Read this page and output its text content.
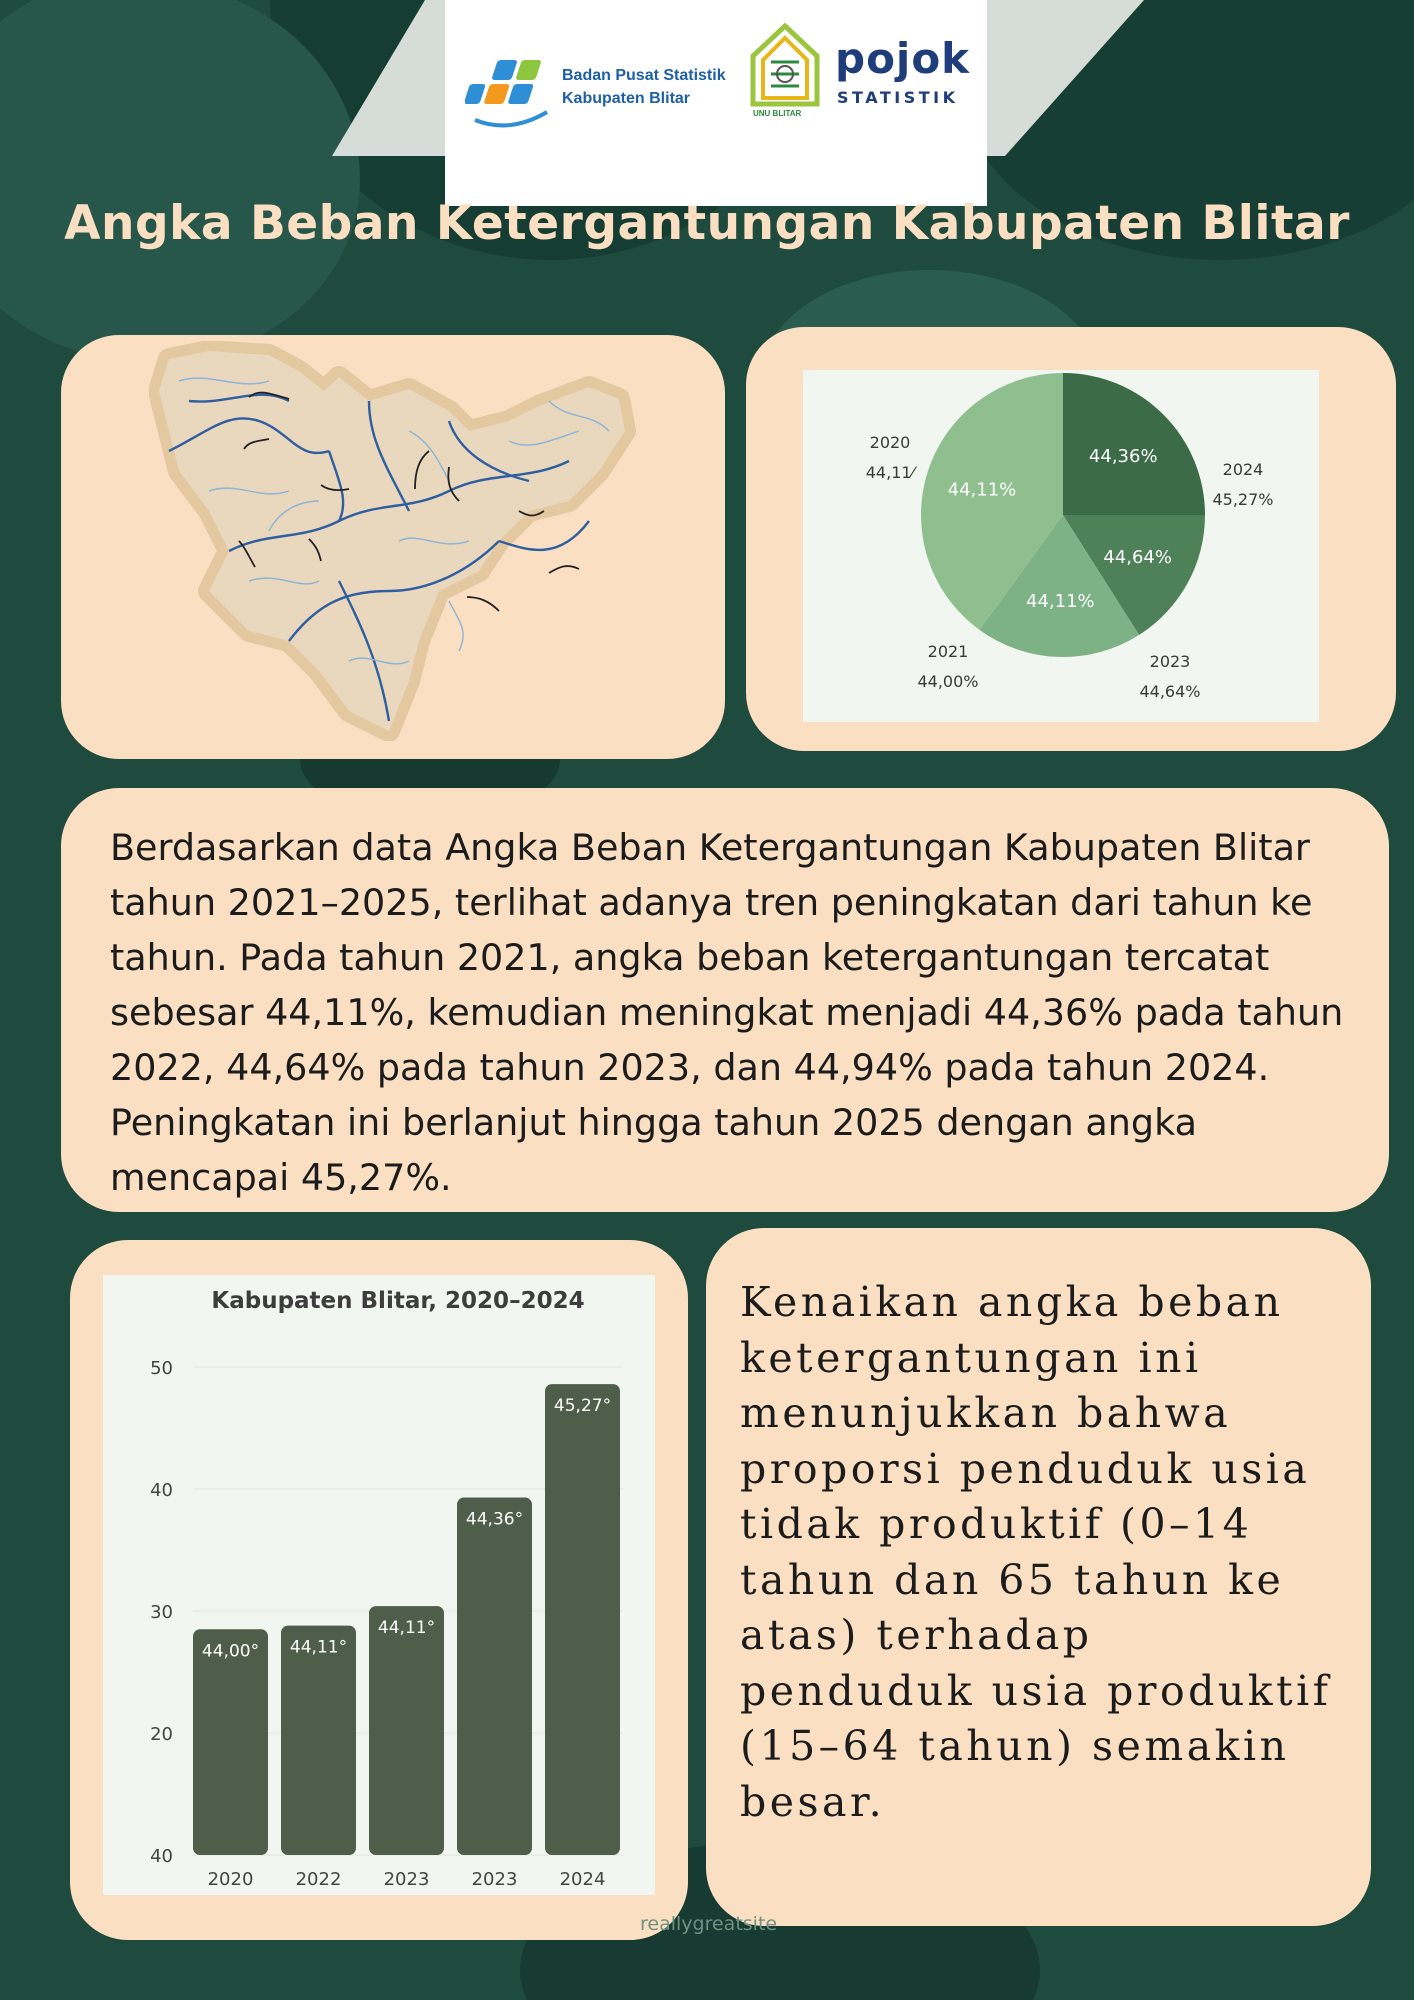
Badan Pusat Statistik
Kabupaten Blitar
UNU BLITAR
pojok
STATISTIK
Angka Beban Ketergantungan Kabupaten Blitar
44,36%
2024
45,27%
44,64%
2023
44,64%
44,11%
2021
44,00%
44,11%
2020
44,11⁄
Berdasarkan data Angka Beban Ketergantungan Kabupaten Blitar tahun 2021–2025, terlihat adanya tren peningkatan dari tahun ke tahun. Pada tahun 2021, angka beban ketergantungan tercatat sebesar 44,11%, kemudian meningkat menjadi 44,36% pada tahun 2022, 44,64% pada tahun 2023, dan 44,94% pada tahun 2024. Peningkatan ini berlanjut hingga tahun 2025 dengan angka mencapai 45,27%.
Kabupaten Blitar, 2020–2024
40
20
30
40
50
44,00°
2020
44,11°
2022
44,11°
2023
44,36°
2023
45,27°
2024
Kenaikan angka beban ketergantungan ini menunjukkan bahwa proporsi penduduk usia tidak produktif (0–14 tahun dan 65 tahun ke atas) terhadap penduduk usia produktif (15–64 tahun) semakin besar.
reallygreatsite
